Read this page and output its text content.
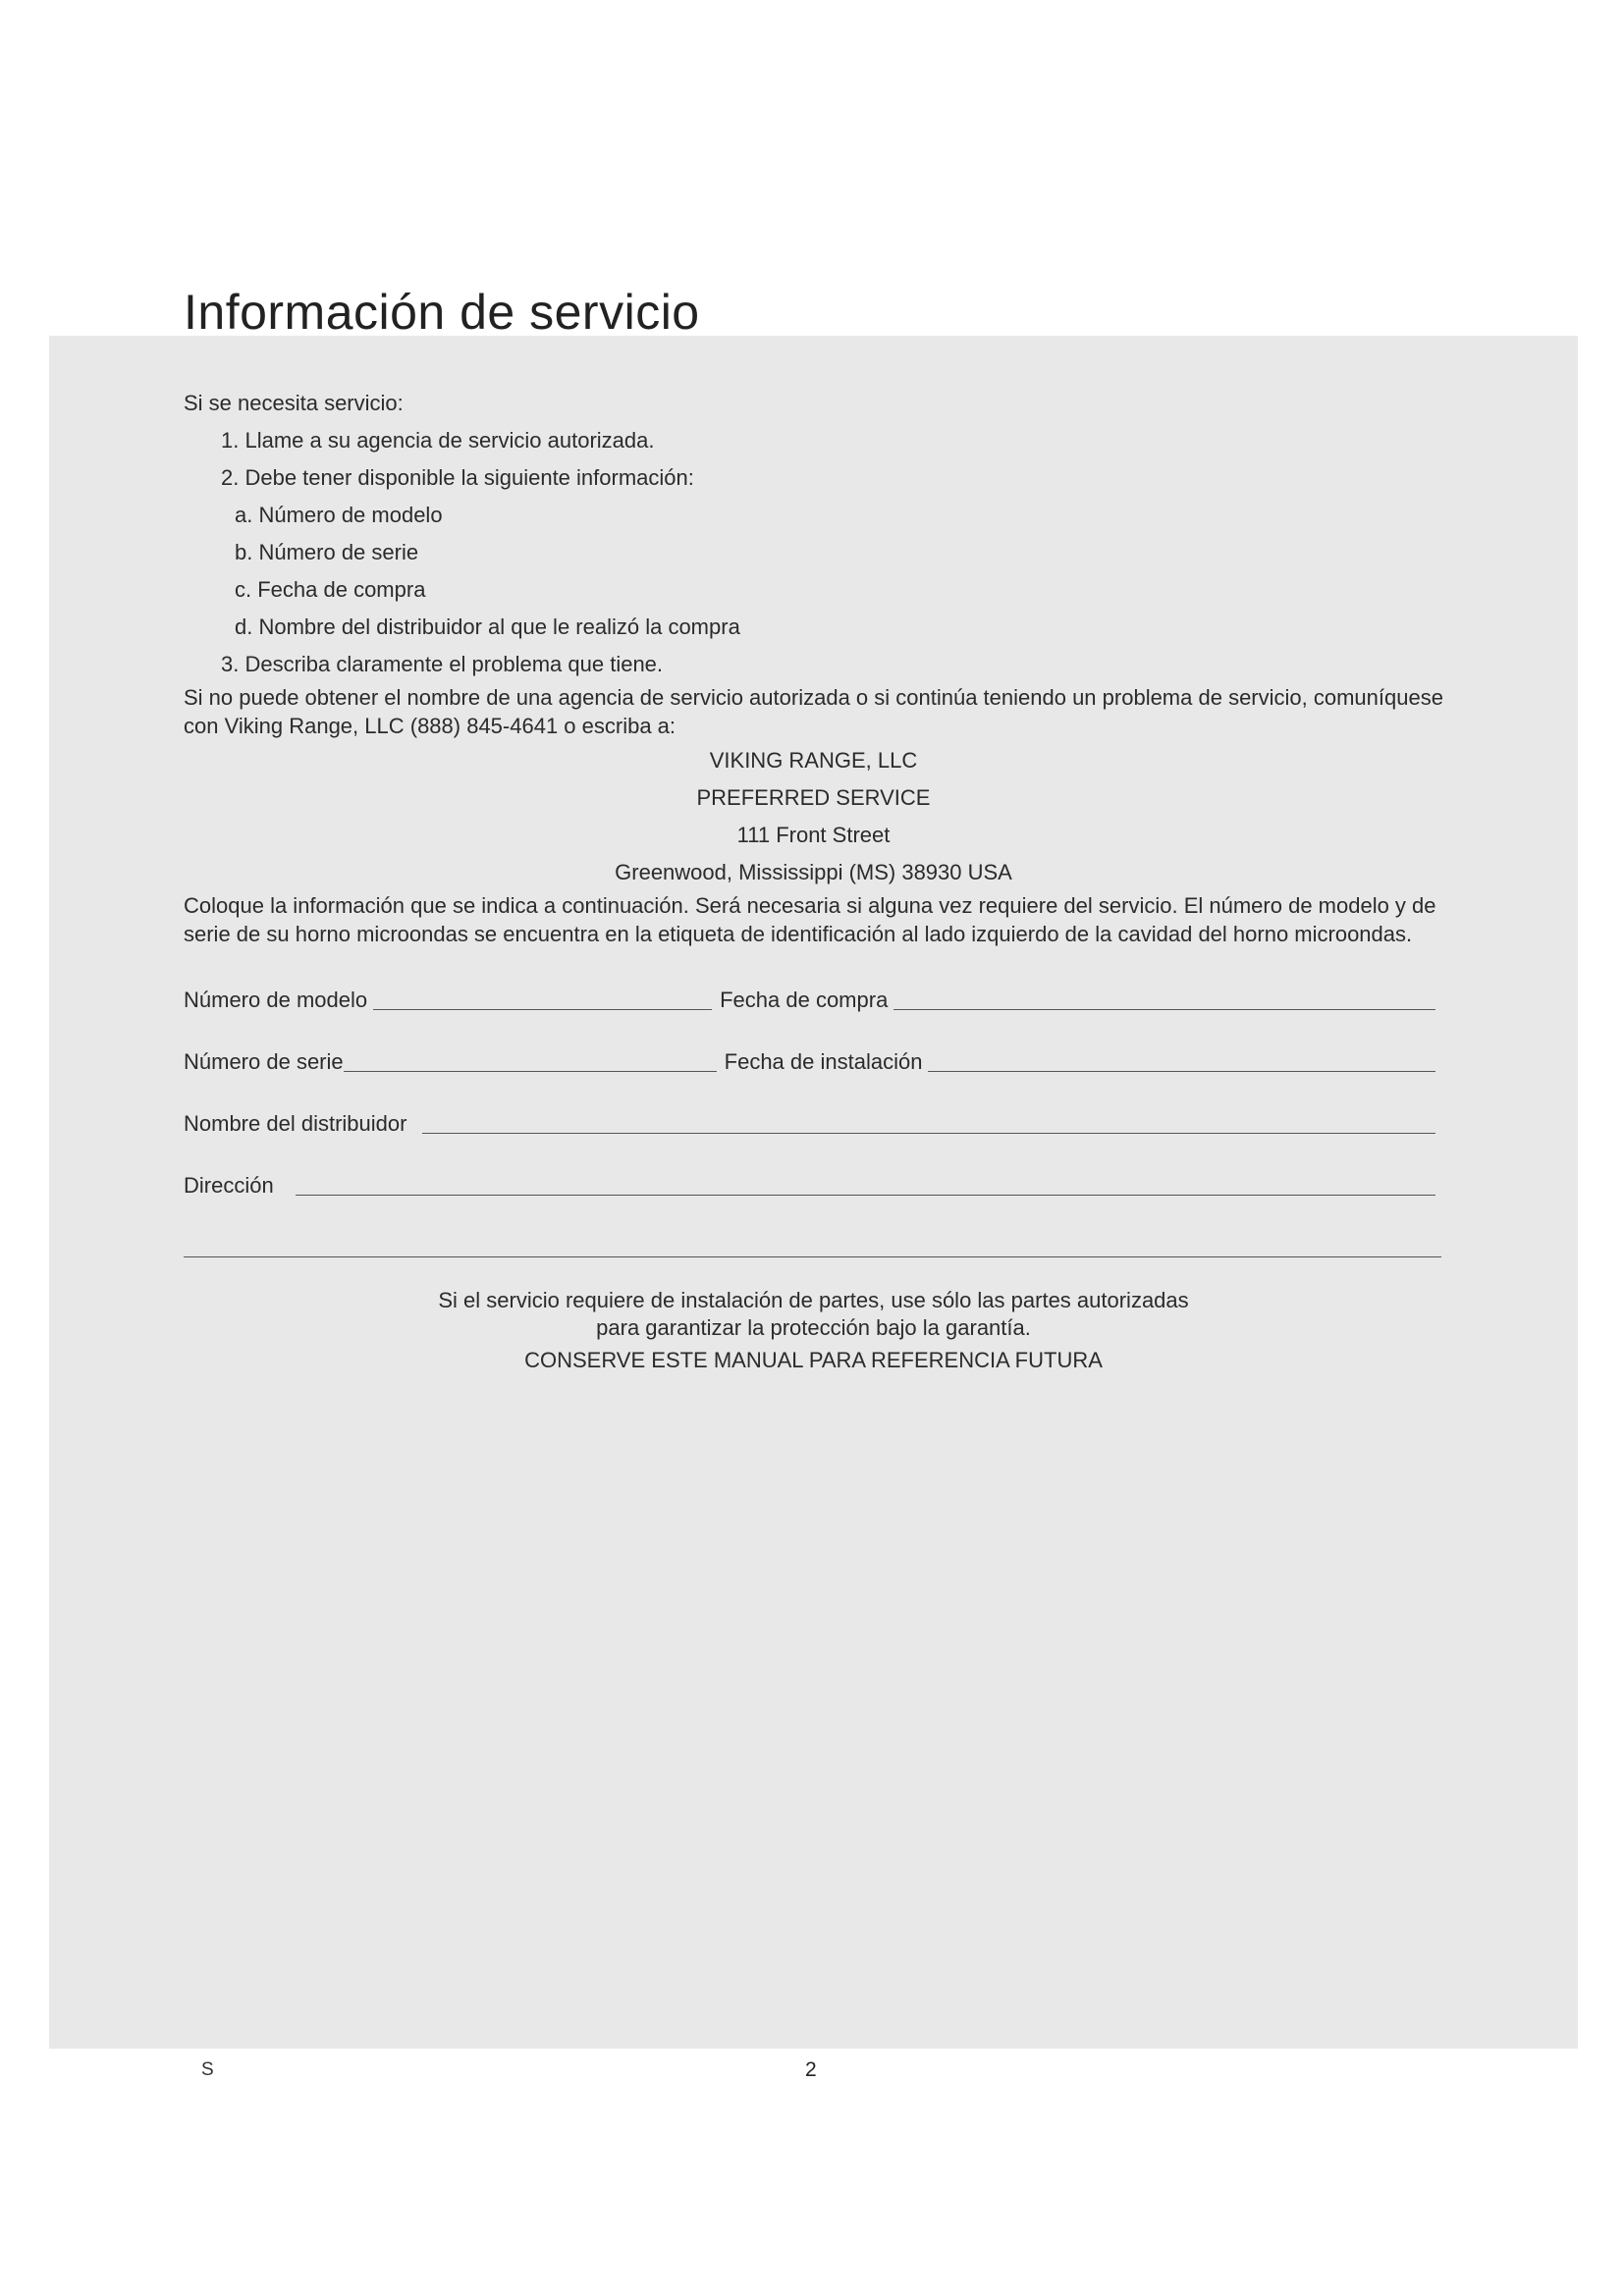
Información de servicio

Si se necesita servicio:

1. Llame a su agencia de servicio autorizada.

2. Debe tener disponible la siguiente información:

a. Número de modelo

b. Número de serie

c. Fecha de compra

d. Nombre del distribuidor al que le realizó la compra

3. Describa claramente el problema que tiene.

Si no puede obtener el nombre de una agencia de servicio autorizada o si continúa teniendo un problema de servicio, comuníquese con Viking Range, LLC (888) 845-4641 o escriba a:

VIKING RANGE, LLC

PREFERRED SERVICE

111 Front Street

Greenwood, Mississippi (MS) 38930 USA

Coloque la información que se indica a continuación. Será necesaria si alguna vez requiere del servicio. El número de modelo y de serie de su horno microondas se encuentra en la etiqueta de identificación al lado izquierdo de la cavidad del horno microondas.

Número de modelo	Fecha de compra
Número de serie	Fecha de instalación
Nombre del distribuidor
Dirección

Si el servicio requiere de instalación de partes, use sólo las partes autorizadas

para garantizar la protección bajo la garantía.

CONSERVE ESTE MANUAL PARA REFERENCIA FUTURA

S	2
